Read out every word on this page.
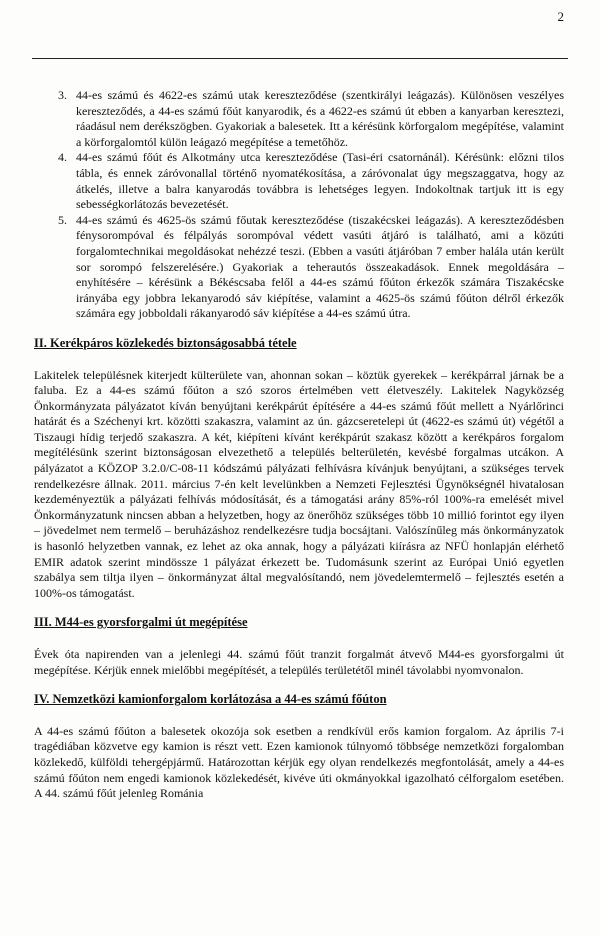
2
3. 44-es számú és 4622-es számú utak kereszteződése (szentkirályi leágazás). Különösen veszélyes kereszteződés, a 44-es számú főút kanyarodik, és a 4622-es számú út ebben a kanyarban keresztezi, ráadásul nem derékszögben. Gyakoriak a balesetek. Itt a kérésünk körforgalom megépítése, valamint a körforgalomtól külön leágazó megépítése a temetőhöz.
4. 44-es számú főút és Alkotmány utca kereszteződése (Tasi-éri csatornánál). Kérésünk: előzni tilos tábla, és ennek záróvonallal történő nyomatékosítása, a záróvonalat úgy megszaggatva, hogy az átkelés, illetve a balra kanyarodás továbbra is lehetséges legyen. Indokoltnak tartjuk itt is egy sebességkorlátozás bevezetését.
5. 44-es számú és 4625-ös számú főutak kereszteződése (tiszakécskei leágazás). A kereszteződésben fénysorompóval és félpályás sorompóval védett vasúti átjáró is található, ami a közúti forgalomtechnikai megoldásokat nehézzé teszi. (Ebben a vasúti átjáróban 7 ember halála után került sor sorompó felszerelésére.) Gyakoriak a teherautós összeakadások. Ennek megoldására – enyhítésére – kérésünk a Békéscsaba felől a 44-es számú főúton érkezők számára Tiszakécske irányába egy jobbra lekanyarodó sáv kiépítése, valamint a 4625-ös számú főúton délről érkezők számára egy jobboldali rákanyarodó sáv kiépítése a 44-es számú útra.
II. Kerékpáros közlekedés biztonságosabbá tétele

Lakitelek településnek kiterjedt külterülete van, ahonnan sokan – köztük gyerekek – kerékpárral járnak be a faluba. Ez a 44-es számú főúton a szó szoros értelmében vett életveszély. Lakitelek Nagyközség Önkormányzata pályázatot kíván benyújtani kerékpárút építésére a 44-es számú főút mellett a Nyárlőrinci határát és a Széchenyi krt. közötti szakaszra, valamint az ún. gázcseretelepi út (4622-es számú út) végétől a Tiszaugi hídig terjedő szakaszra. A két, kiépíteni kívánt kerékpárút szakasz között a kerékpáros forgalom megítélésünk szerint biztonságosan elvezethető a település belterületén, kevésbé forgalmas utcákon. A pályázatot a KÖZOP 3.2.0/C-08-11 kódszámú pályázati felhívásra kívánjuk benyújtani, a szükséges tervek rendelkezésre állnak. 2011. március 7-én kelt levelünkben a Nemzeti Fejlesztési Ügynökségnél hivatalosan kezdeményeztük a pályázati felhívás módosítását, és a támogatási arány 85%-ról 100%-ra emelését mivel Önkormányzatunk nincsen abban a helyzetben, hogy az önerőhöz szükséges több 10 millió forintot egy ilyen – jövedelmet nem termelő – beruházáshoz rendelkezésre tudja bocsájtani. Valószínűleg más önkormányzatok is hasonló helyzetben vannak, ez lehet az oka annak, hogy a pályázati kiírásra az NFÜ honlapján elérhető EMIR adatok szerint mindössze 1 pályázat érkezett be. Tudomásunk szerint az Európai Unió egyetlen szabálya sem tiltja ilyen – önkormányzat által megvalósítandó, nem jövedelemtermelő – fejlesztés esetén a 100%-os támogatást.

III. M44-es gyorsforgalmi út megépítése

Évek óta napirenden van a jelenlegi 44. számú főút tranzit forgalmát átvevő M44-es gyorsforgalmi út megépítése. Kérjük ennek mielőbbi megépítését, a település területétől minél távolabbi nyomvonalon.

IV. Nemzetközi kamionforgalom korlátozása a 44-es számú főúton

A 44-es számú főúton a balesetek okozója sok esetben a rendkívül erős kamion forgalom. Az április 7-i tragédiában közvetve egy kamion is részt vett. Ezen kamionok túlnyomó többsége nemzetközi forgalomban közlekedő, külföldi tehergépjármű. Határozottan kérjük egy olyan rendelkezés megfontolását, amely a 44-es számú főúton nem engedi kamionok közlekedését, kivéve úti okmányokkal igazolható célforgalom esetében. A 44. számú főút jelenleg Románia
